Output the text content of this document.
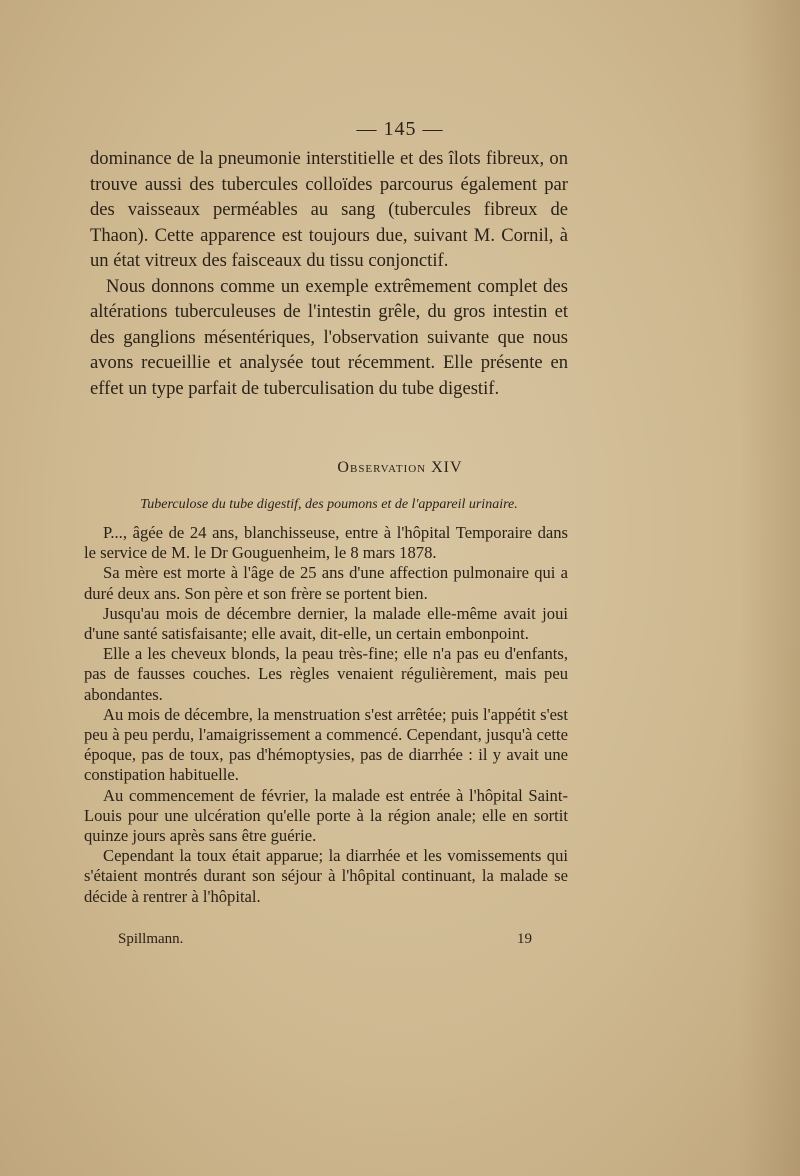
— 145 —

dominance de la pneumonie interstitielle et des îlots fibreux, on trouve aussi des tubercules colloïdes parcourus également par des vaisseaux perméables au sang (tubercules fibreux de Thaon). Cette apparence est toujours due, suivant M. Cornil, à un état vitreux des faisceaux du tissu conjonctif.

Nous donnons comme un exemple extrêmement complet des altérations tuberculeuses de l'intestin grêle, du gros intestin et des ganglions mésentériques, l'observation suivante que nous avons recueillie et analysée tout récemment. Elle présente en effet un type parfait de tuberculisation du tube digestif.

Observation XIV
Tuberculose du tube digestif, des poumons et de l'appareil urinaire.

P..., âgée de 24 ans, blanchisseuse, entre à l'hôpital Temporaire dans le service de M. le Dr Gouguenheim, le 8 mars 1878.

Sa mère est morte à l'âge de 25 ans d'une affection pulmonaire qui a duré deux ans. Son père et son frère se portent bien.

Jusqu'au mois de décembre dernier, la malade elle-même avait joui d'une santé satisfaisante; elle avait, dit-elle, un certain embonpoint.

Elle a les cheveux blonds, la peau très-fine; elle n'a pas eu d'enfants, pas de fausses couches. Les règles venaient régulièrement, mais peu abondantes.

Au mois de décembre, la menstruation s'est arrêtée; puis l'appétit s'est peu à peu perdu, l'amaigrissement a commencé. Cependant, jusqu'à cette époque, pas de toux, pas d'hémoptysies, pas de diarrhée : il y avait une constipation habituelle.

Au commencement de février, la malade est entrée à l'hôpital Saint-Louis pour une ulcération qu'elle porte à la région anale; elle en sortit quinze jours après sans être guérie.

Cependant la toux était apparue; la diarrhée et les vomissements qui s'étaient montrés durant son séjour à l'hôpital continuant, la malade se décide à rentrer à l'hôpital.

Spillmann.	19
